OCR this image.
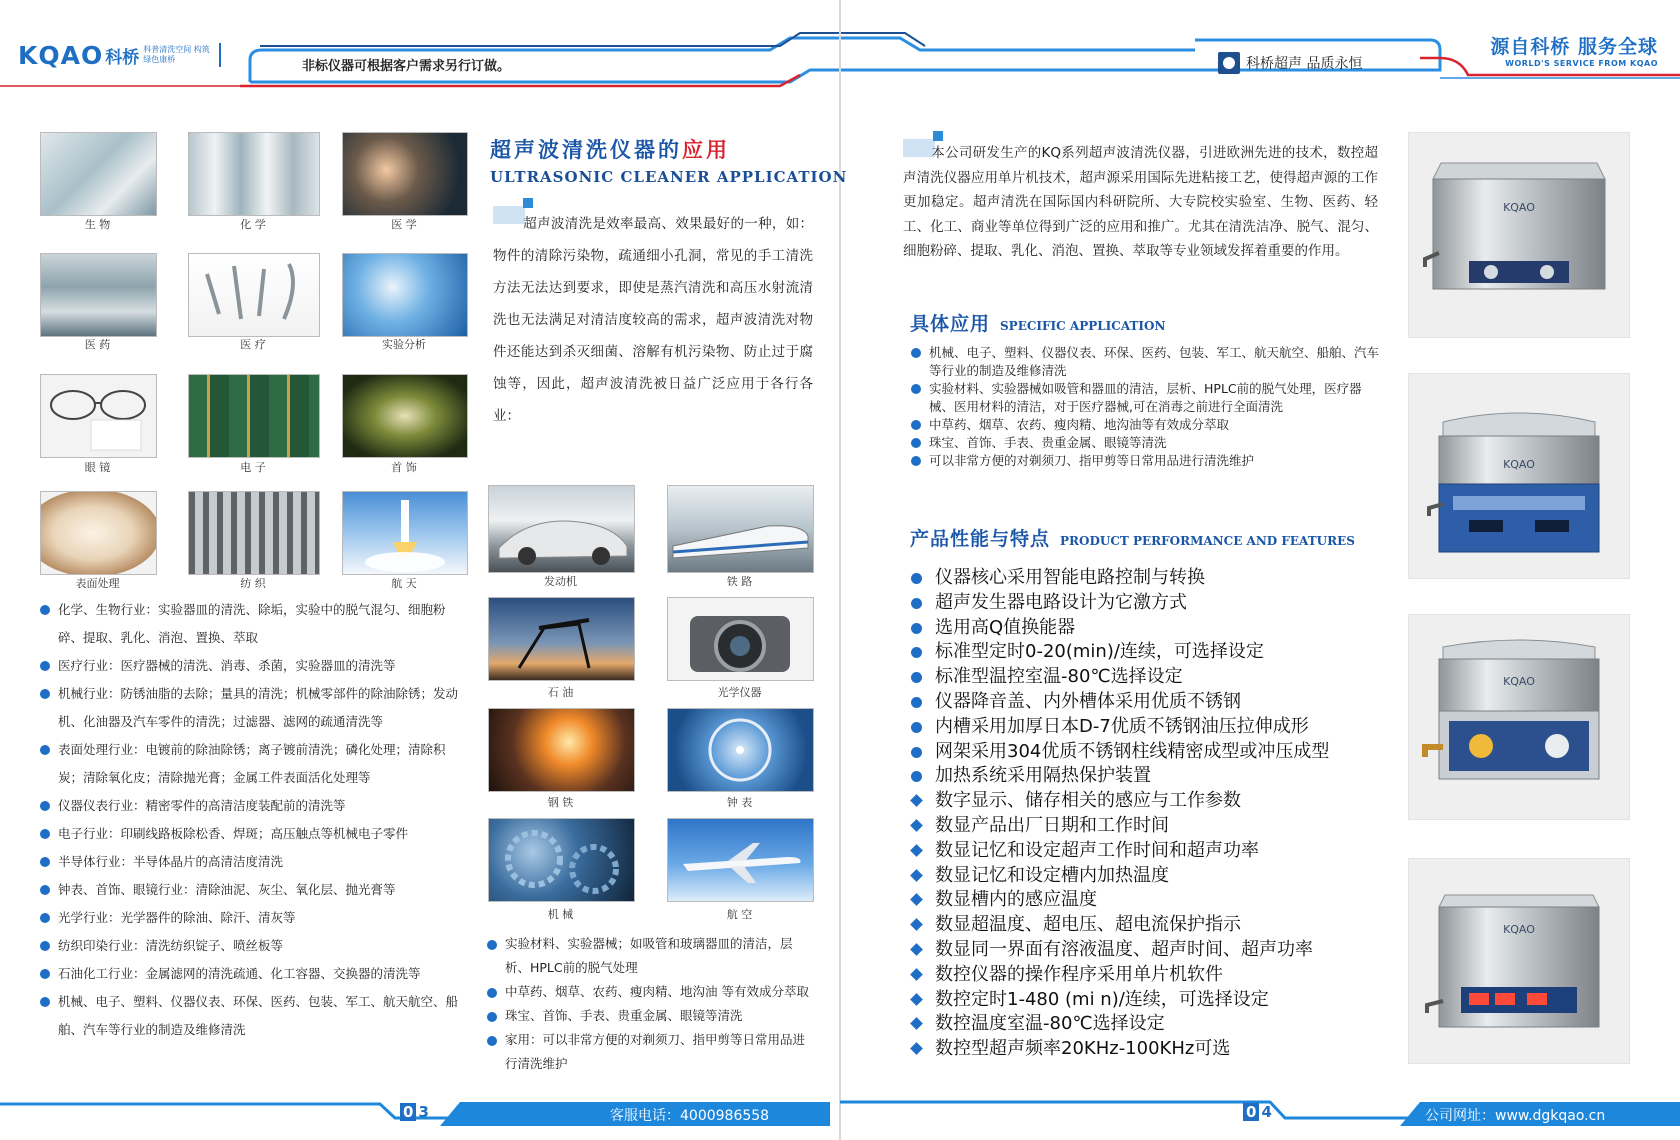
KQAO 科桥 科普清洗空间 构筑绿色康桥	非标仪器可根据客户需求另行订做。	科桥超声 品质永恒
源自科桥 服务全球
WORLD'S SERVICE FROM KQAO
生 物	化 学	医 学
医 药	医 疗	实验分析
眼 镜	电 子	首 饰
表面处理	纺 织	航 天
超声波清洗仪器的应用
ULTRASONIC CLEANER APPLICATION
超声波清洗是效率最高、效果最好的一种，如：物件的清除污染物，疏通细小孔洞，常见的手工清洗方法无法达到要求，即使是蒸汽清洗和高压水射流清洗也无法满足对清洁度较高的需求，超声波清洗对物件还能达到杀灭细菌、溶解有机污染物、防止过于腐蚀等，因此，超声波清洗被日益广泛应用于各行各业：
发动机	铁 路
石 油	光学仪器
钢 铁	钟 表
机 械	航 空
化学、生物行业：实验器皿的清洗、除垢，实验中的脱气混匀、细胞粉碎、提取、乳化、消泡、置换、萃取
医疗行业：医疗器械的清洗、消毒、杀菌，实验器皿的清洗等
机械行业：防锈油脂的去除；量具的清洗；机械零部件的除油除锈；发动机、化油器及汽车零件的清洗；过滤器、滤网的疏通清洗等
表面处理行业：电镀前的除油除锈；离子镀前清洗；磷化处理；清除积炭；清除氧化皮；清除抛光膏；金属工件表面活化处理等
仪器仪表行业：精密零件的高清洁度装配前的清洗等
电子行业：印刷线路板除松香、焊斑；高压触点等机械电子零件
半导体行业：半导体晶片的高清洁度清洗
钟表、首饰、眼镜行业：清除油泥、灰尘、氧化层、抛光膏等
光学行业：光学器件的除油、除汗、清灰等
纺织印染行业：清洗纺织锭子、喷丝板等
石油化工行业：金属滤网的清洗疏通、化工容器、交换器的清洗等
机械、电子、塑料、仪器仪表、环保、医药、包装、军工、航天航空、船舶、汽车等行业的制造及维修清洗
实验材料、实验器械；如吸管和玻璃器皿的清洁，层析、HPLC前的脱气处理
中草药、烟草、农药、瘦肉精、地沟油 等有效成分萃取
珠宝、首饰、手表、贵重金属、眼镜等清洗
家用：可以非常方便的对剃须刀、指甲剪等日常用品进行清洗维护
本公司研发生产的KQ系列超声波清洗仪器，引进欧洲先进的技术，数控超声清洗仪器应用单片机技术，超声源采用国际先进粘接工艺，使得超声源的工作更加稳定。超声清洗在国际国内科研院所、大专院校实验室、生物、医药、轻工、化工、商业等单位得到广泛的应用和推广。尤其在清洗洁净、脱气、混匀、细胞粉碎、提取、乳化、消泡、置换、萃取等专业领域发挥着重要的作用。
具体应用 SPECIFIC APPLICATION
机械、电子、塑料、仪器仪表、环保、医药、包装、军工、航天航空、船舶、汽车等行业的制造及维修清洗
实验材料、实验器械如吸管和器皿的清洁，层析、HPLC前的脱气处理，医疗器械、医用材料的清洁，对于医疗器械,可在消毒之前进行全面清洗
中草药、烟草、农药、瘦肉精、地沟油等有效成分萃取
珠宝、首饰、手表、贵重金属、眼镜等清洗
可以非常方便的对剃须刀、指甲剪等日常用品进行清洗维护
产品性能与特点 PRODUCT PERFORMANCE AND FEATURES
仪器核心采用智能电路控制与转换
超声发生器电路设计为它激方式
选用高Q值换能器
标准型定时0-20(min)/连续，可选择设定
标准型温控室温-80℃选择设定
仪器降音盖、内外槽体采用优质不锈钢
内槽采用加厚日本D-7优质不锈钢油压拉伸成形
网架采用304优质不锈钢柱线精密成型或冲压成型
加热系统采用隔热保护装置
数字显示、储存相关的感应与工作参数
数显产品出厂日期和工作时间
数显记忆和设定超声工作时间和超声功率
数显记忆和设定槽内加热温度
数显槽内的感应温度
数显超温度、超电压、超电流保护指示
数显同一界面有溶液温度、超声时间、超声功率
数控仪器的操作程序采用单片机软件
数控定时1-480 (mi n)/连续，可选择设定
数控温度室温-80℃选择设定
数控型超声频率20KHz-100KHz可选
KQAO
KQAO
KQAO
KQAO
0 3	客服电话：4000986558	0 4	公司网址：www.dgkqao.cn
